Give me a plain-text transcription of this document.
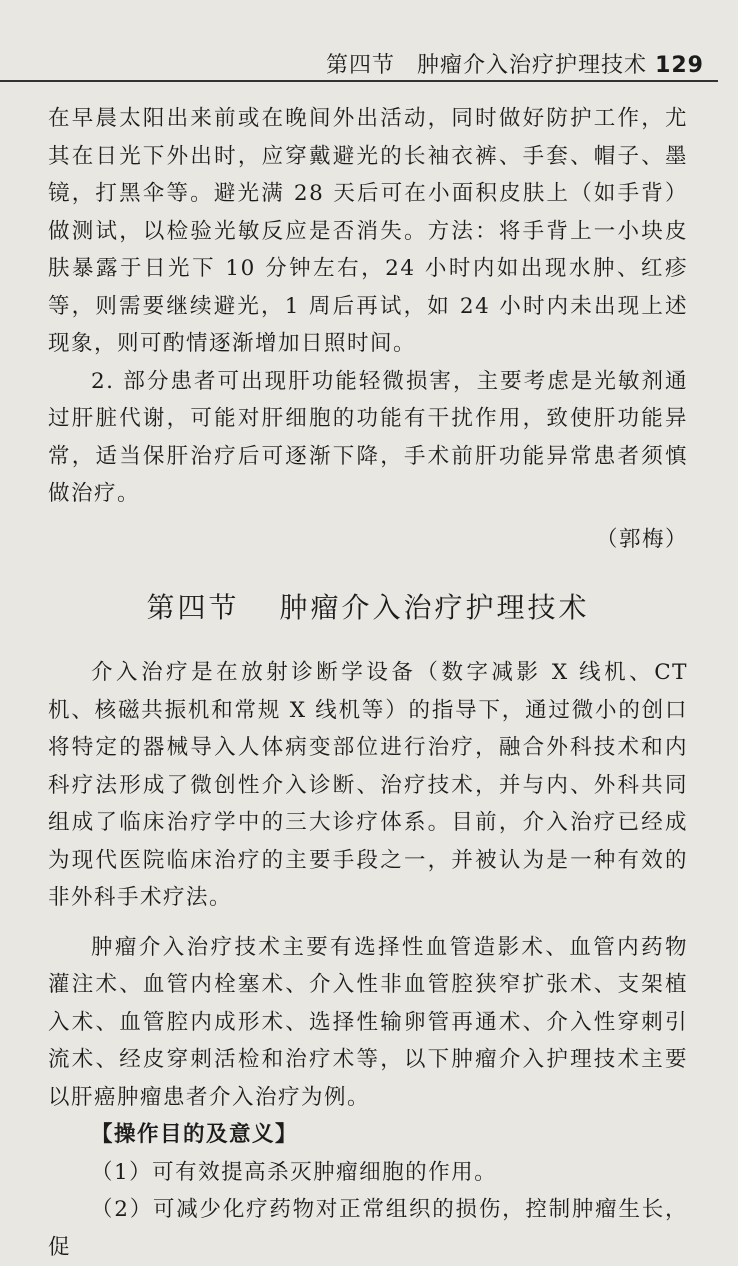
第四节 肿瘤介入治疗护理技术 129

在早晨太阳出来前或在晚间外出活动，同时做好防护工作，尤其在日光下外出时，应穿戴避光的长袖衣裤、手套、帽子、墨镜，打黑伞等。避光满 28 天后可在小面积皮肤上（如手背）做测试，以检验光敏反应是否消失。方法：将手背上一小块皮肤暴露于日光下 10 分钟左右，24 小时内如出现水肿、红疹等，则需要继续避光，1 周后再试，如 24 小时内未出现上述现象，则可酌情逐渐增加日照时间。

2. 部分患者可出现肝功能轻微损害，主要考虑是光敏剂通过肝脏代谢，可能对肝细胞的功能有干扰作用，致使肝功能异常，适当保肝治疗后可逐渐下降，手术前肝功能异常患者须慎做治疗。

（郭梅）

第四节 肿瘤介入治疗护理技术

介入治疗是在放射诊断学设备（数字减影 X 线机、CT 机、核磁共振机和常规 X 线机等）的指导下，通过微小的创口将特定的器械导入人体病变部位进行治疗，融合外科技术和内科疗法形成了微创性介入诊断、治疗技术，并与内、外科共同组成了临床治疗学中的三大诊疗体系。目前，介入治疗已经成为现代医院临床治疗的主要手段之一，并被认为是一种有效的非外科手术疗法。

肿瘤介入治疗技术主要有选择性血管造影术、血管内药物灌注术、血管内栓塞术、介入性非血管腔狭窄扩张术、支架植入术、血管腔内成形术、选择性输卵管再通术、介入性穿刺引流术、经皮穿刺活检和治疗术等，以下肿瘤介入护理技术主要以肝癌肿瘤患者介入治疗为例。

【操作目的及意义】

（1）可有效提高杀灭肿瘤细胞的作用。

（2）可减少化疗药物对正常组织的损伤，控制肿瘤生长，促
